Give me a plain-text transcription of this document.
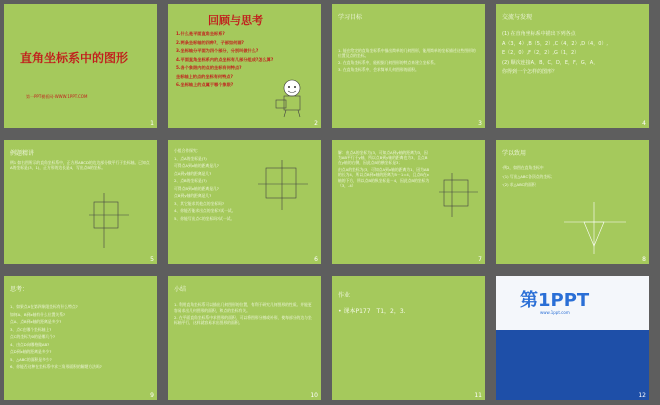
直角坐标系中的图形
第一PPT模板网-WWW.1PPT.COM
1
回顾与思考

1.什么是平面直角坐标系?

2.两条坐标轴的四种?，子部如何画?

3.坐标轴分平面为四个部分，分别叫做什么?

4.平面直角坐标系内的点坐标有几部分组成?怎么算?

5.各个象限内的点的坐标有何特点?

坐标轴上的点的坐标有何特点?

6.坐标轴上的点属于哪个象限?

2
学习目标

1. 能在给定的直角坐标系中描出简单的几何图形，能用简单的坐标描述这些图形的位置及点的坐标。

2. 在直角坐标系中，能根据几何图形的特点来建立坐标系。

3. 在直角坐标系中，会求简单几何图形的面积。

3
交流与发现

(1) 在直角坐标系中描出下列各点

A（3，4）,B（5，2）,C（4，2）,D（4，0）,

E（2，0）,F（2，2）,G（1，2）

(2) 顺次连接A，B，C，D，E，F，G，A，

你得到一个怎样的图形？

4
例题精讲

例1 如右图所示的直角坐标系中，正方形ABCD的边边部分数平行于坐标轴。已知点A的坐标是(3，1)，正方形的边长是4，写出点B的坐标。

5

小组合作探究：

1、点A的坐标是(?)

可得点A到x轴的距离是几?

点A到y轴的距离是几?

2、点B的坐标是(?)

可得点B到x轴的距离是几?

点B到y轴的距离是几?

3、其它能求其他点的坐标吗?

4、你能否能求出点的坐标?试一试。

5、你能写出点C的坐标吗?试一试。

6

解：由点A的坐标为(3，可知点A到y轴的距离为3，因为AB平行于y轴，所以点B到y轴的距离也为3，且点B在y轴的右侧，因此点B的横坐标是3；

由点A的坐标为(3，可知点A到x轴的距离为1，因为AB的长为4，所以点B到x轴的距离为5－1=4，且点B在x轴的下方，所以点B的纵坐标是－4，因此点B的坐标为（3，-4）

7
学以致用

·例2，如图在直角坐标中

·(1) 写出△ABC各顶点的坐标；

·(2) 求△ABC的面积

8
思考：

1、如果点A在第四象限坐标有什么特点?

如何A、B到x轴有什么位置关系?

点A、点B到x轴的距离是多少?

3、点C在哪个坐标轴上?

点C的坐标为0的是哪几个?

4、由点D向哪格做AB?

点D到x轴的距离是多少?

5、△ABC的面积是多少?

6、你能否这种在坐标系中求三角形面积的解题方法吗?

9
小结

1. 利用直角坐标系可以描出几何图形的位置，有利于研究几何图形的性质。并能更容易求出几何图形的面积，和点的坐标有关。

2. 在平面直角坐标系中求图形的面积，可以将图形分割或补形，使每部分的边与坐标轴平行，这样就容易求出图形的面积。

10
作业

• 课本P177　T1，2，3.

11
第1PPT
www.1ppt.com
12
